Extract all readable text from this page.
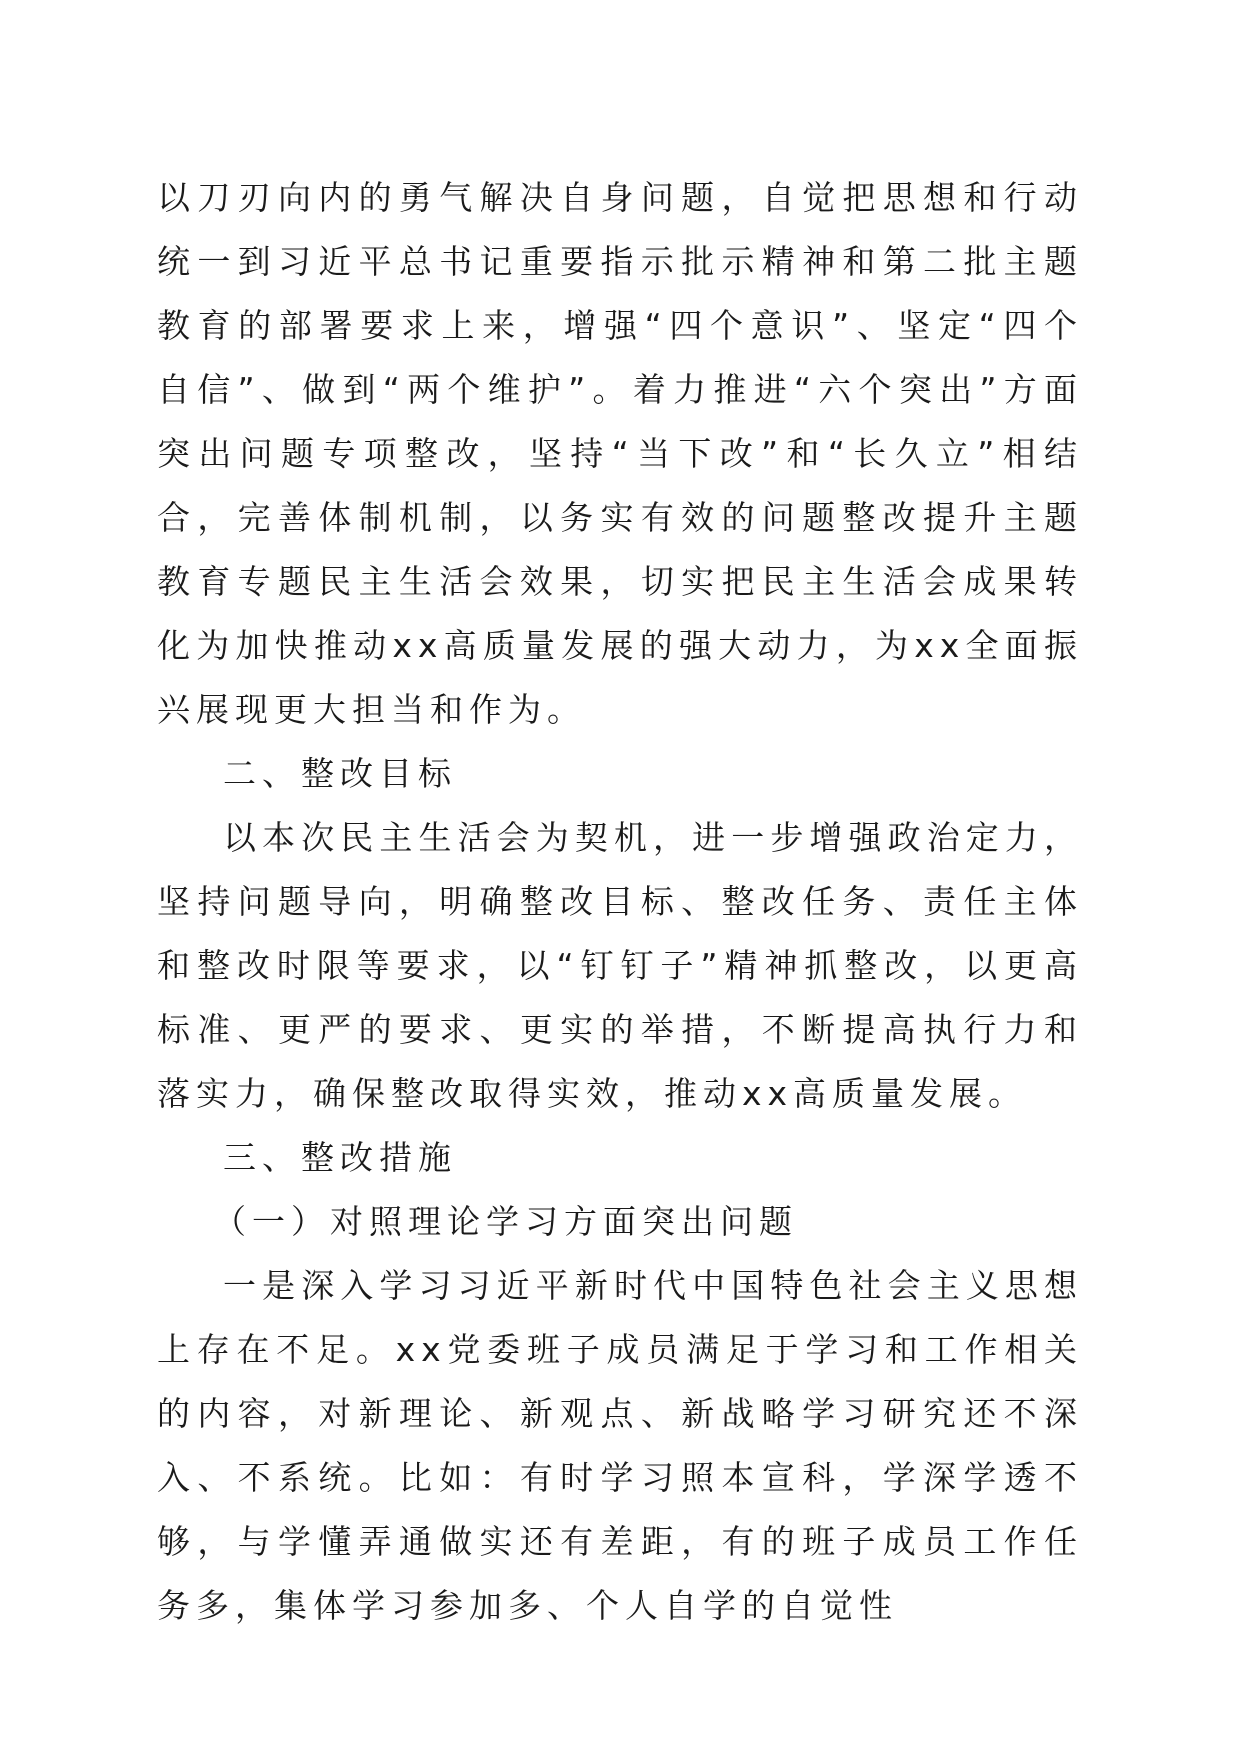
以刀刃向内的勇气解决自身问题，自觉把思想和行动统一到习近平总书记重要指示批示精神和第二批主题教育的部署要求上来，增强“四个意识”、坚定“四个自信”、做到“两个维护”。着力推进“六个突出”方面突出问题专项整改，坚持“当下改”和“长久立”相结合，完善体制机制，以务实有效的问题整改提升主题教育专题民主生活会效果，切实把民主生活会成果转化为加快推动xx高质量发展的强大动力，为xx全面振兴展现更大担当和作为。

二、整改目标

以本次民主生活会为契机，进一步增强政治定力，坚持问题导向，明确整改目标、整改任务、责任主体和整改时限等要求，以“钉钉子”精神抓整改，以更高标准、更严的要求、更实的举措，不断提高执行力和落实力，确保整改取得实效，推动xx高质量发展。

三、整改措施

（一）对照理论学习方面突出问题

一是深入学习习近平新时代中国特色社会主义思想上存在不足。xx党委班子成员满足于学习和工作相关的内容，对新理论、新观点、新战略学习研究还不深入、不系统。比如：有时学习照本宣科，学深学透不够，与学懂弄通做实还有差距，有的班子成员工作任务多，集体学习参加多、个人自学的自觉性
